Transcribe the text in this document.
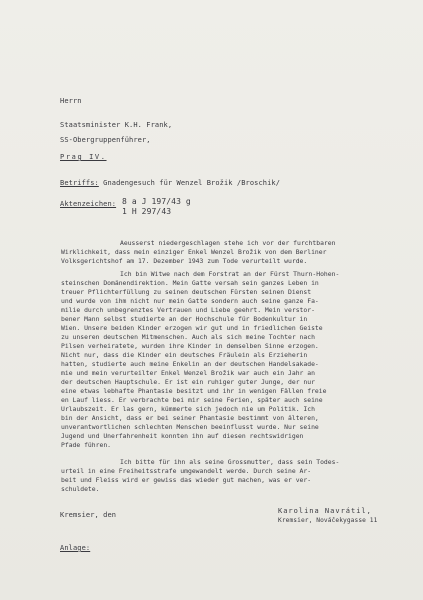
Herrn
Staatsminister K.H. Frank,
SS-Obergruppenführer,
Prag IV.
Betriffs: Gnadengesuch für Wenzel Brožik /Broschik/
Aktenzeichen: 8 a J 197/43 g
1 H 297/43
Aeusserst niedergeschlagen stehe ich vor der furchtbaren
Wirklichkeit, dass mein einziger Enkel Wenzel Brožik von dem Berliner
Volksgerichtshof am 17. Dezember 1943 zum Tode verurteilt wurde.
Ich bin Witwe nach dem Forstrat an der Fürst Thurn-Hohen-
steinschen Domänendirektion. Mein Gatte versah sein ganzes Leben in
treuer Pflichterfüllung zu seinen deutschen Fürsten seinen Dienst
und wurde von ihm nicht nur mein Gatte sondern auch seine ganze Fa-
milie durch unbegrenztes Vertrauen und Liebe geehrt. Mein verstor-
bener Mann selbst studierte an der Hochschule für Bodenkultur in
Wien. Unsere beiden Kinder erzogen wir gut und in friedlichen Geiste
zu unseren deutschen Mitmenschen. Auch als sich meine Tochter nach
Pilsen verheiratete, wurden ihre Kinder in demselben Sinne erzogen.
Nicht nur, dass die Kinder ein deutsches Fräulein als Erzieherin
hatten, studierte auch meine Enkelin an der deutschen Handelsakade-
mie und mein verurteilter Enkel Wenzel Brožik war auch ein Jahr an
der deutschen Hauptschule. Er ist ein ruhiger guter Junge, der nur
eine etwas lebhafte Phantasie besitzt und ihr in wenigen Fällen freie
en Lauf liess. Er verbrachte bei mir seine Ferien, später auch seine
Urlaubszeit. Er las gern, kümmerte sich jedoch nie um Politik. Ich
bin der Ansicht, dass er bei seiner Phantasie bestimmt von älteren,
unverantwortlichen schlechten Menschen beeinflusst wurde. Nur seine
Jugend und Unerfahrenheit konnten ihn auf diesen rechtswidrigen
Pfade führen.
Ich bitte für ihn als seine Grossmutter, dass sein Todes-
urteil in eine Freiheitsstrafe umgewandelt werde. Durch seine Ar-
beit und Fleiss wird er gewiss das wieder gut machen, was er ver-
schuldete.
Kremsier, den	Karolina Navrátil,
Kremsier, Nováčekygasse 11
Anlage:
